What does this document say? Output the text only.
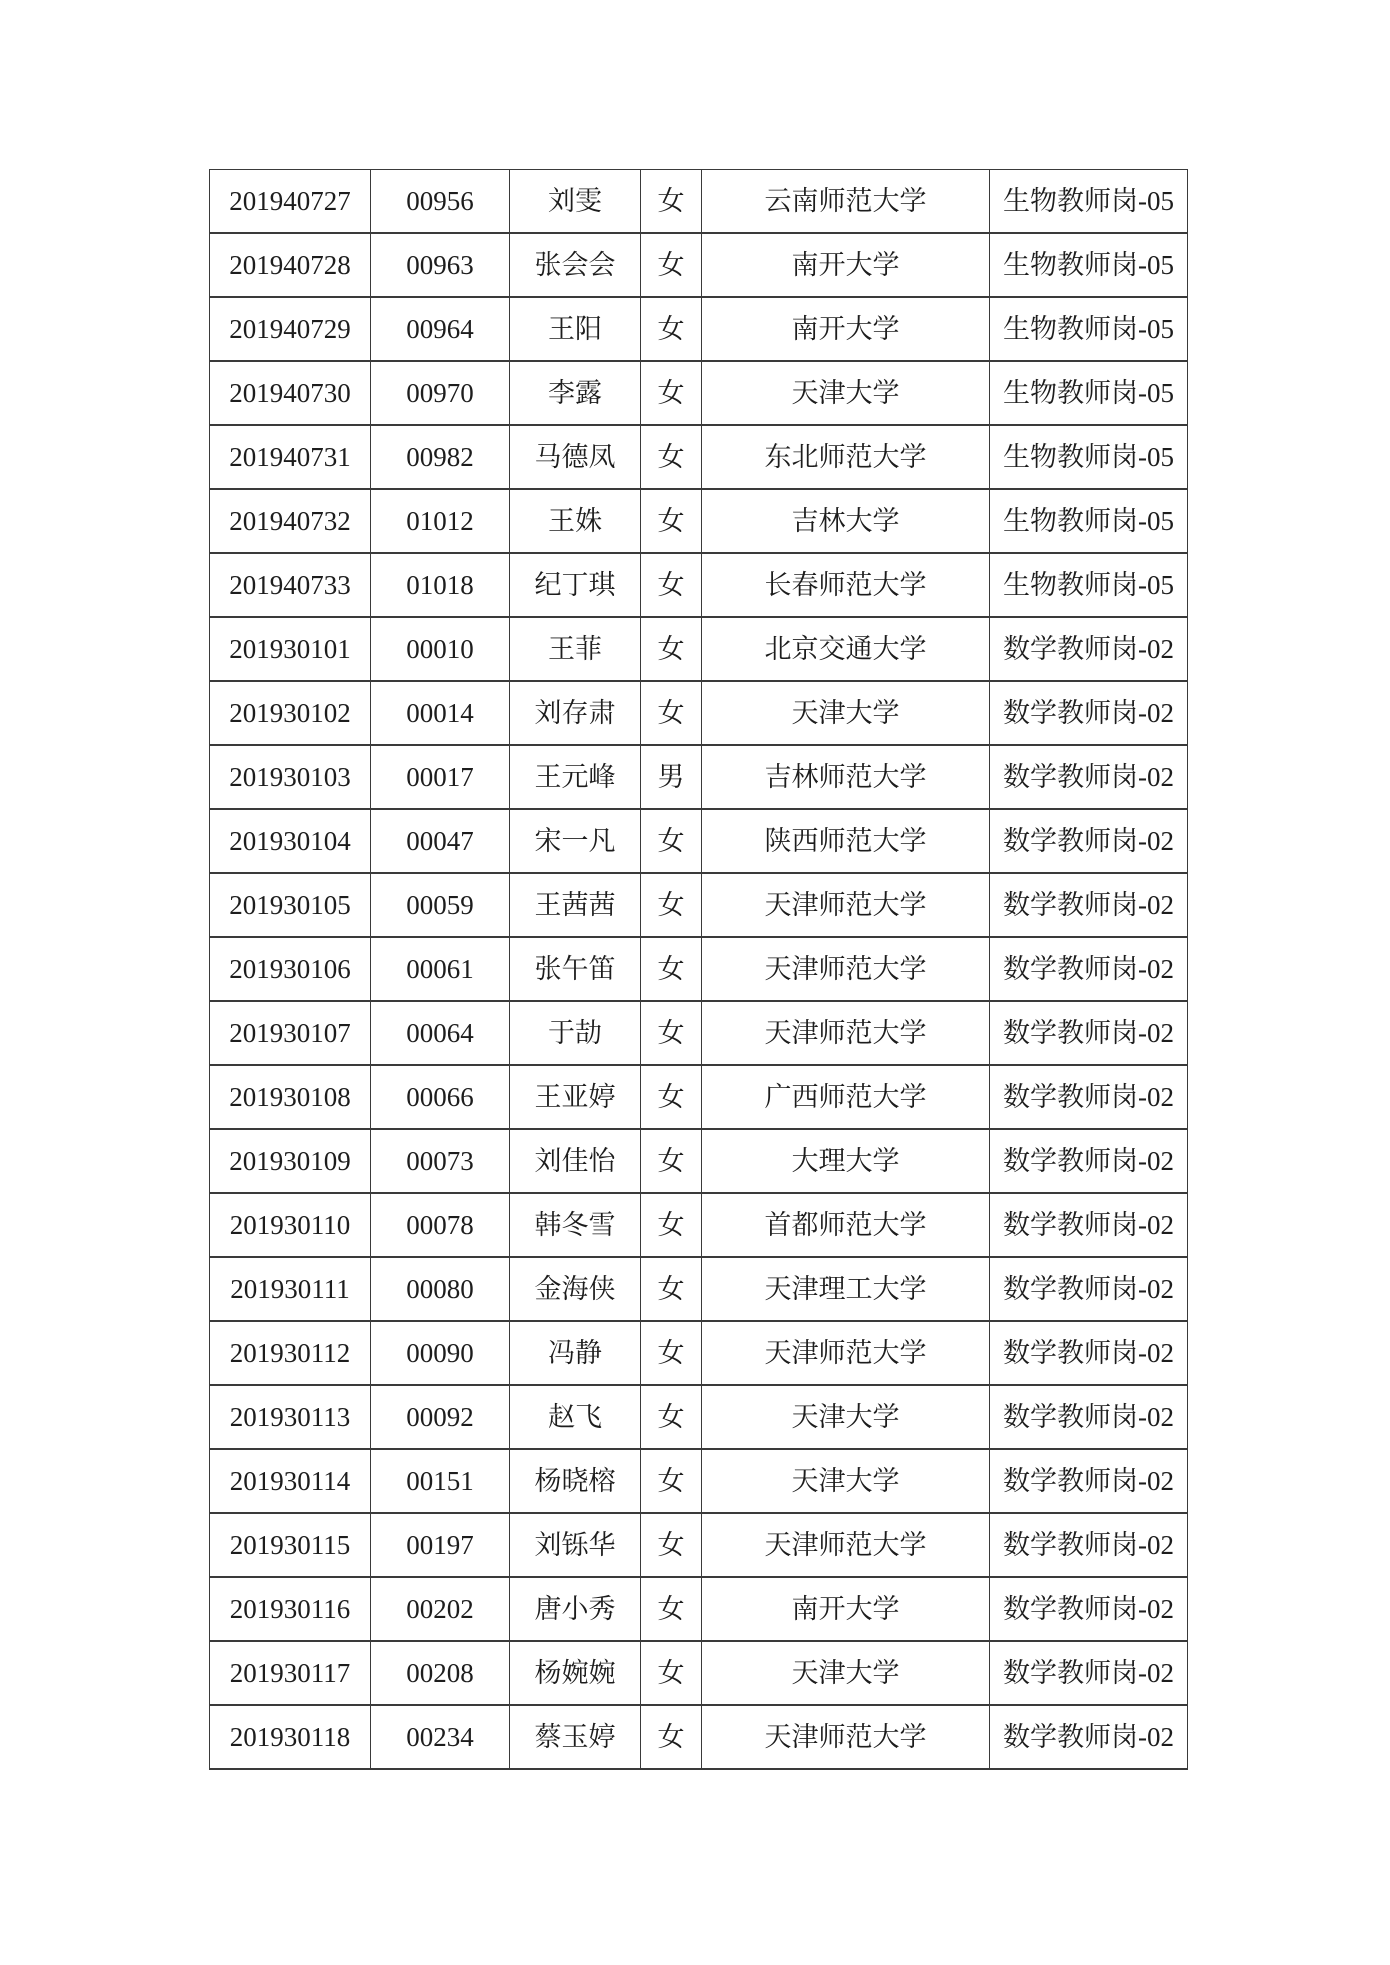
201940727	00956	刘雯	女	云南师范大学	生物教师岗-05
201940728	00963	张会会	女	南开大学	生物教师岗-05
201940729	00964	王阳	女	南开大学	生物教师岗-05
201940730	00970	李露	女	天津大学	生物教师岗-05
201940731	00982	马德凤	女	东北师范大学	生物教师岗-05
201940732	01012	王姝	女	吉林大学	生物教师岗-05
201940733	01018	纪丁琪	女	长春师范大学	生物教师岗-05
201930101	00010	王菲	女	北京交通大学	数学教师岗-02
201930102	00014	刘存肃	女	天津大学	数学教师岗-02
201930103	00017	王元峰	男	吉林师范大学	数学教师岗-02
201930104	00047	宋一凡	女	陕西师范大学	数学教师岗-02
201930105	00059	王茜茜	女	天津师范大学	数学教师岗-02
201930106	00061	张午笛	女	天津师范大学	数学教师岗-02
201930107	00064	于劼	女	天津师范大学	数学教师岗-02
201930108	00066	王亚婷	女	广西师范大学	数学教师岗-02
201930109	00073	刘佳怡	女	大理大学	数学教师岗-02
201930110	00078	韩冬雪	女	首都师范大学	数学教师岗-02
201930111	00080	金海侠	女	天津理工大学	数学教师岗-02
201930112	00090	冯静	女	天津师范大学	数学教师岗-02
201930113	00092	赵飞	女	天津大学	数学教师岗-02
201930114	00151	杨晓榕	女	天津大学	数学教师岗-02
201930115	00197	刘铄华	女	天津师范大学	数学教师岗-02
201930116	00202	唐小秀	女	南开大学	数学教师岗-02
201930117	00208	杨婉婉	女	天津大学	数学教师岗-02
201930118	00234	蔡玉婷	女	天津师范大学	数学教师岗-02
